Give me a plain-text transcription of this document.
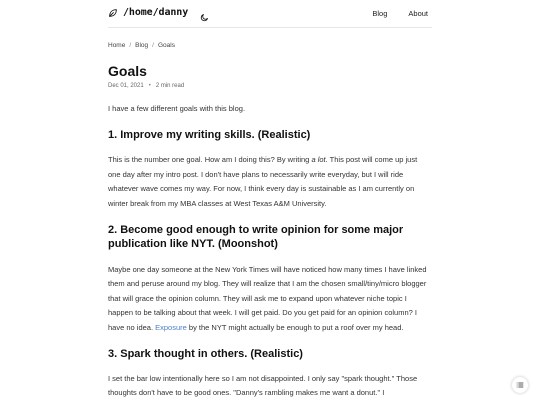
/home/danny	Blog	About
Home / Blog / Goals
Goals
Dec 01, 2021 • 2 min read

I have a few different goals with this blog.

1. Improve my writing skills. (Realistic)

This is the number one goal. How am I doing this? By writing a lot. This post will come up just one day after my intro post. I don't have plans to necessarily write everyday, but I will ride whatever wave comes my way. For now, I think every day is sustainable as I am currently on winter break from my MBA classes at West Texas A&M University.

2. Become good enough to write opinion for some major publication like NYT. (Moonshot)

Maybe one day someone at the New York Times will have noticed how many times I have linked them and peruse around my blog. They will realize that I am the chosen small/tiny/micro blogger that will grace the opinion column. They will ask me to expand upon whatever niche topic I happen to be talking about that week. I will get paid. Do you get paid for an opinion column? I have no idea. Exposure by the NYT might actually be enough to put a roof over my head.

3. Spark thought in others. (Realistic)

I set the bar low intentionally here so I am not disappointed. I only say "spark thought." Those thoughts don't have to be good ones. "Danny's rambling makes me want a donut." I
